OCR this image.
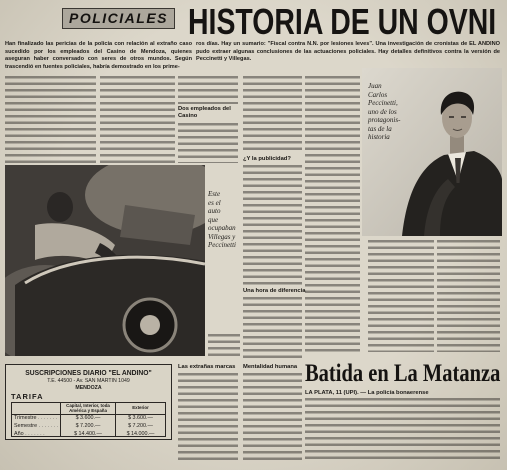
POLICIALES HISTORIA DE UN OVNI

Han finalizado las pericias de la policía con relación al extraño caso sucedido por los empleados del Casino de Mendoza, quienes aseguran haber conversado con seres de otros mundos. Según trascendió en fuentes policiales, habría demostrado en los prime-

ros días. Hay un sumario: "Fiscal contra N.N. por lesiones leves". Una investigación de cronistas de EL ANDINO pudo extraer algunas conclusiones de las actuaciones policiales. Hay detalles definitivos contra la versión de Peccinetti y Villegas.

Dos empleados del Casino
¿Y la publicidad?
Una hora de diferencia
Mentalidad humana
Las extrañas marcas
Juan
Carlos
Peccinetti,
uno de los
protagonis-
tas de la
historia
Este
es el
auto
que
ocupaban
Villegas y
Peccinetti
SUSCRIPCIONES DIARIO "EL ANDINO"
T.E. 44500 - Av. SAN MARTIN 1049
MENDOZA
TARIFA
Capital, Interior, toda América y España
Exterior
Trimestre . . .	$ 3.600.—	$ 3.600.—
Semestre . . .	$ 7.200.—	$ 7.200.—
Año . . .	$ 14.400.—	$ 14.000.—
Batida en La Matanza
LA PLATA, 11 (UPI). — La policía bonaerense
